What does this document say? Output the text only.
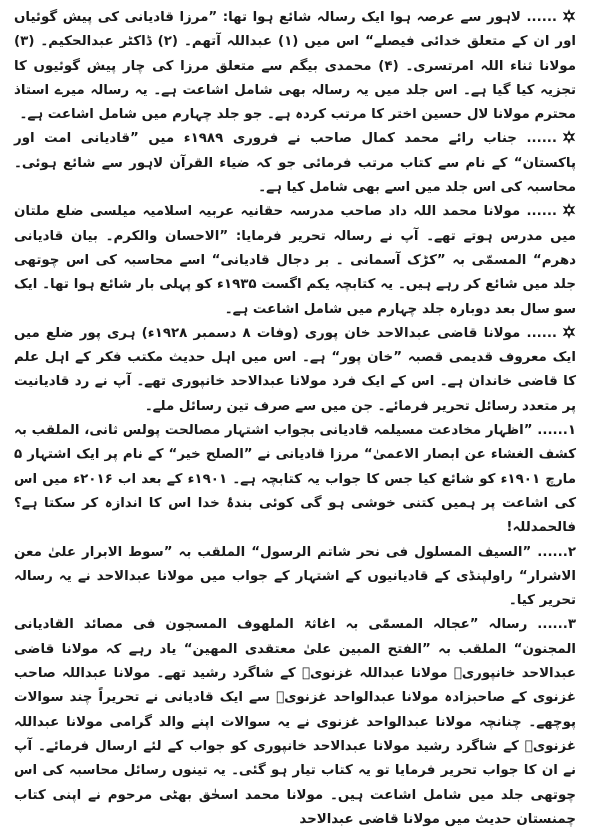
...... لاہور سے عرصہ ہوا ایک رسالہ شائع ہوا تھا: ”مرزا قادیانی کی پیش گوئیاں اور ان کے متعلق خدائی فیصلے“ اس میں (۱) عبداللہ آتھم۔ (۲) ڈاکٹر عبدالحکیم۔ (۳) مولانا ثناء اللہ امرتسری۔ (۴) محمدی بیگم سے متعلق مرزا کی چار پیش گوئیوں کا تجزیہ کیا گیا ہے۔ اس جلد میں یہ رسالہ بھی شامل اشاعت ہے۔ یہ رسالہ میرے استاذ محترم مولانا لال حسین اختر کا مرتب کردہ ہے۔ جو جلد چہارم میں شامل اشاعت ہے۔

...... جناب رائے محمد کمال صاحب نے فروری ۱۹۸۹ء میں ”قادیانی امت اور پاکستان“ کے نام سے کتاب مرتب فرمائی جو کہ ضیاء القرآن لاہور سے شائع ہوئی۔ محاسبہ کی اس جلد میں اسے بھی شامل کیا ہے۔

...... مولانا محمد اللہ داد صاحب مدرسہ حقانیہ عربیہ اسلامیہ میلسی ضلع ملتان میں مدرس ہوتے تھے۔ آپ نے رسالہ تحریر فرمایا: ”الاحسان والکرم۔ بیان قادیانی دھرم“ المسمّی بہ ”کڑک آسمانی ۔ بر دجال قادیانی“ اسے محاسبہ کی اس چوتھی جلد میں شائع کر رہے ہیں۔ یہ کتابچہ یکم اگست ۱۹۳۵ء کو پہلی بار شائع ہوا تھا۔ ایک سو سال بعد دوبارہ جلد چہارم میں شامل اشاعت ہے۔

...... مولانا قاضی عبدالاحد خان پوری (وفات ۸ دسمبر ۱۹۲۸ء) ہری پور ضلع میں ایک معروف قدیمی قصبہ ”خان پور“ ہے۔ اس میں اہل حدیث مکتب فکر کے اہل علم کا قاضی خاندان ہے۔ اس کے ایک فرد مولانا عبدالاحد خانپوری تھے۔ آپ نے رد قادیانیت پر متعدد رسائل تحریر فرمائے۔ جن میں سے صرف تین رسائل ملے۔

۱...... ”اظہار مخادعت مسیلمہ قادیانی بجواب اشتہار مصالحت پولس ثانی، الملقب بہ کشف الغشاء عن ابصار الاعمیٰ“ مرزا قادیانی نے ”الصلح خیر“ کے نام پر ایک اشتہار ۵ مارچ ۱۹۰۱ء کو شائع کیا جس کا جواب یہ کتابچہ ہے۔ ۱۹۰۱ء کے بعد اب ۲۰۱۶ء میں اس کی اشاعت پر ہمیں کتنی خوشی ہو گی کوئی بندۂ خدا اس کا اندازہ کر سکتا ہے؟ فالحمدللہ!

۲...... ”السیف المسلول فی نحر شاتم الرسول“ الملقب بہ ”سوط الابرار علیٰ معن الاشرار“ راولپنڈی کے قادیانیوں کے اشتہار کے جواب میں مولانا عبدالاحد نے یہ رسالہ تحریر کیا۔

۳...... رسالہ ”عجالہ المسمّٰی بہ اغاثۃ الملهوف المسجون فی مصائد القادیانی المجنون“ الملقب بہ ”الفتح المبین علیٰ معتقدی المهین“ یاد رہے کہ مولانا قاضی عبدالاحد خانپوریؒ مولانا عبداللہ غزنویؒ کے شاگرد رشید تھے۔ مولانا عبداللہ صاحب غزنوی کے صاحبزادہ مولانا عبدالواحد غزنویؒ سے ایک قادیانی نے تحریراً چند سوالات پوچھے۔ چنانچہ مولانا عبدالواحد غزنوی نے یہ سوالات اپنے والد گرامی مولانا عبداللہ غزنویؒ کے شاگرد رشید مولانا عبدالاحد خانپوری کو جواب کے لئے ارسال فرمائے۔ آپ نے ان کا جواب تحریر فرمایا تو یہ کتاب تیار ہو گئی۔ یہ تینوں رسائل محاسبہ کی اس چوتھی جلد میں شامل اشاعت ہیں۔ مولانا محمد اسحٰق بھٹی مرحوم نے اپنی کتاب چمنستان حدیث میں مولانا قاضی عبدالاحد
